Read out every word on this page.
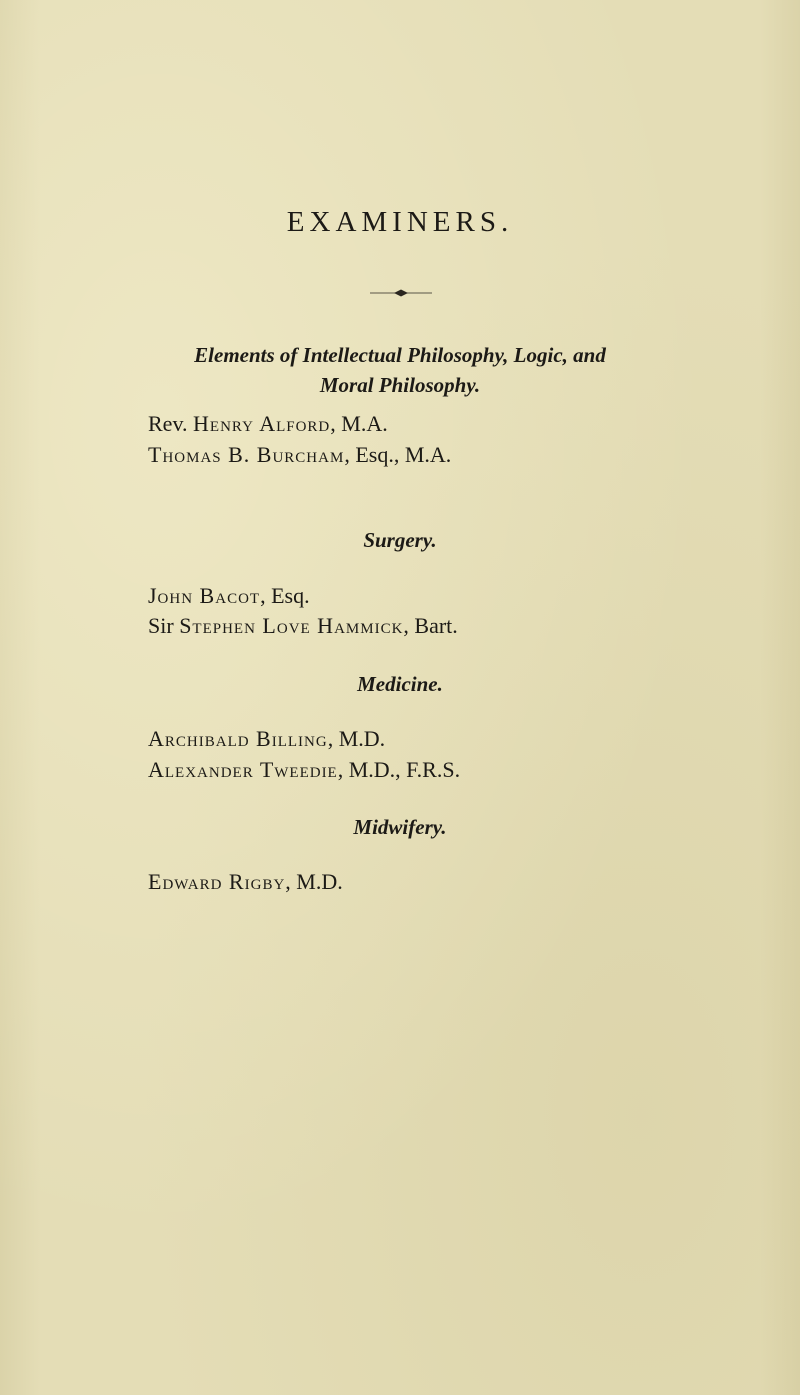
EXAMINERS.
Elements of Intellectual Philosophy, Logic, and
Moral Philosophy.
Rev. Henry Alford, M.A.
Thomas B. Burcham, Esq., M.A.
Surgery.
John Bacot, Esq.
Sir Stephen Love Hammick, Bart.
Medicine.
Archibald Billing, M.D.
Alexander Tweedie, M.D., F.R.S.
Midwifery.
Edward Rigby, M.D.
